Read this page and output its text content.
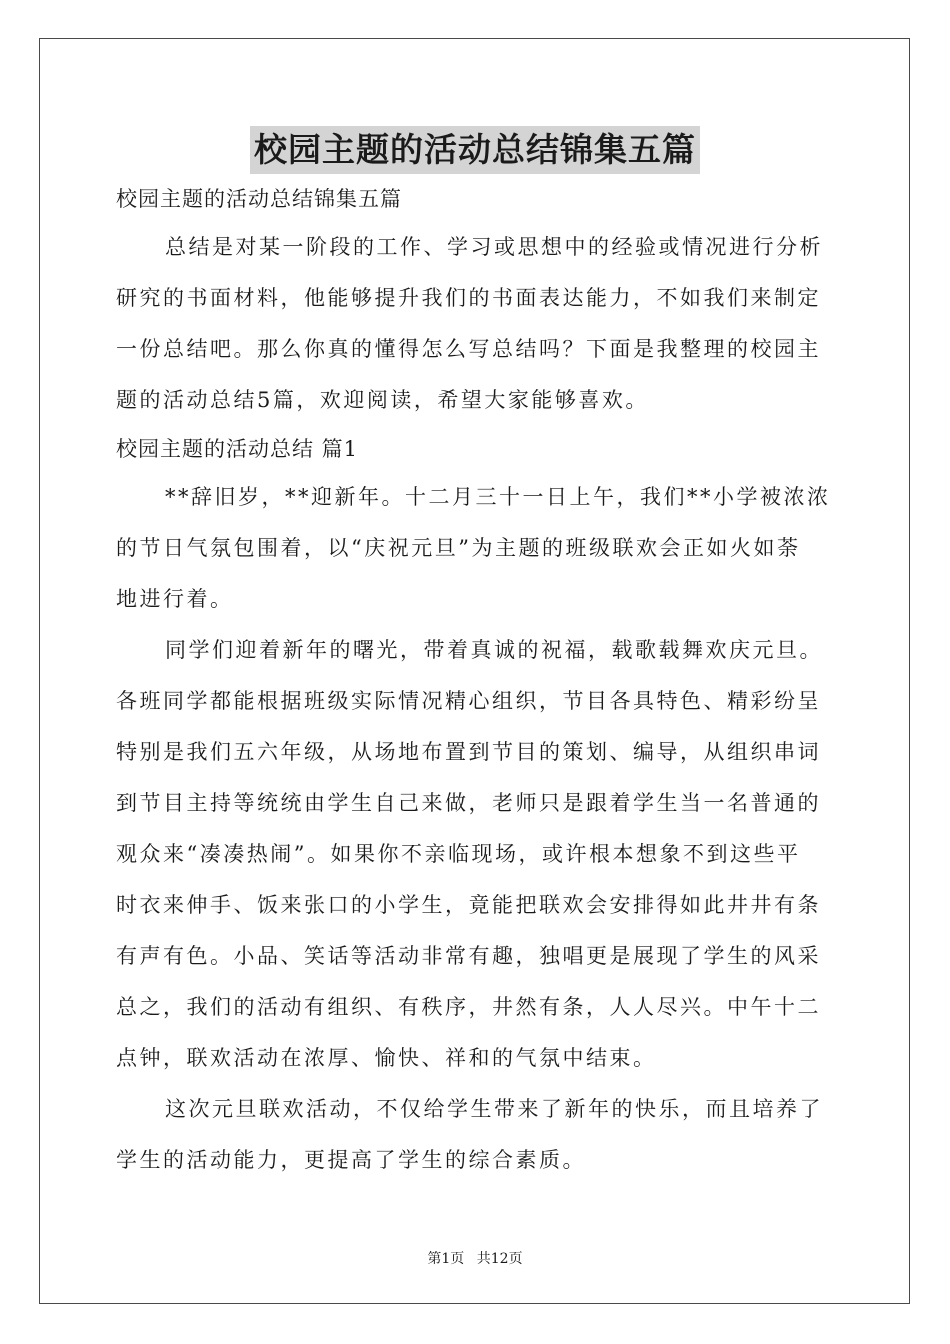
校园主题的活动总结锦集五篇

校园主题的活动总结锦集五篇

总结是对某一阶段的工作、学习或思想中的经验或情况进行分析
研究的书面材料，他能够提升我们的书面表达能力，不如我们来制定
一份总结吧。那么你真的懂得怎么写总结吗？下面是我整理的校园主
题的活动总结5篇，欢迎阅读，希望大家能够喜欢。

校园主题的活动总结 篇1

**辞旧岁，**迎新年。十二月三十一日上午，我们**小学被浓浓
的节日气氛包围着，以“庆祝元旦”为主题的班级联欢会正如火如荼
地进行着。
同学们迎着新年的曙光，带着真诚的祝福，载歌载舞欢庆元旦。
各班同学都能根据班级实际情况精心组织，节目各具特色、精彩纷呈
特别是我们五六年级，从场地布置到节目的策划、编导，从组织串词
到节目主持等统统由学生自己来做，老师只是跟着学生当一名普通的
观众来“凑凑热闹”。如果你不亲临现场，或许根本想象不到这些平
时衣来伸手、饭来张口的小学生，竟能把联欢会安排得如此井井有条
有声有色。小品、笑话等活动非常有趣，独唱更是展现了学生的风采
总之，我们的活动有组织、有秩序，井然有条，人人尽兴。中午十二
点钟，联欢活动在浓厚、愉快、祥和的气氛中结束。
这次元旦联欢活动，不仅给学生带来了新年的快乐，而且培养了
学生的活动能力，更提高了学生的综合素质。
第1页 共12页
